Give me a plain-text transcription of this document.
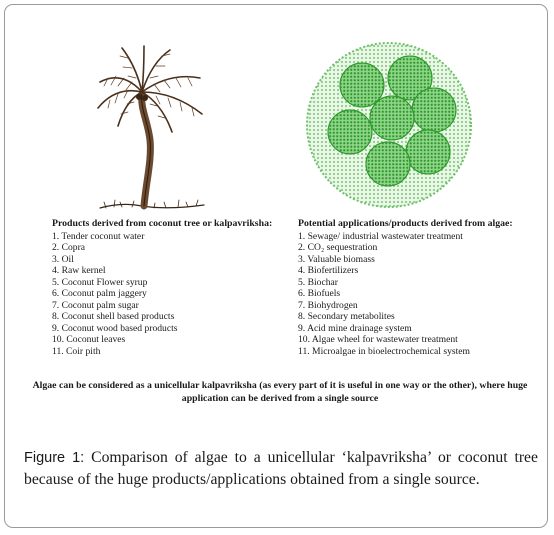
Products derived from coconut tree or kalpavriksha:
1. Tender coconut water
2. Copra
3. Oil
4. Raw kernel
5. Coconut Flower syrup
6. Coconut palm jaggery
7. Coconut palm sugar
8. Coconut shell based products
9. Coconut wood based products
10. Coconut leaves
11. Coir pith
Potential applications/products derived from algae:
1. Sewage/ industrial wastewater treatment
2. CO₂ sequestration
3. Valuable biomass
4. Biofertilizers
5. Biochar
6. Biofuels
7. Biohydrogen
8. Secondary metabolites
9. Acid mine drainage system
10. Algae wheel for wastewater treatment
11. Microalgae in bioelectrochemical system
Algae can be considered as a unicellular kalpavriksha (as every part of it is useful in one way or the other), where huge application can be derived from a single source

Figure 1: Comparison of algae to a unicellular ‘kalpavriksha’ or coconut tree because of the huge products/applications obtained from a single source.
